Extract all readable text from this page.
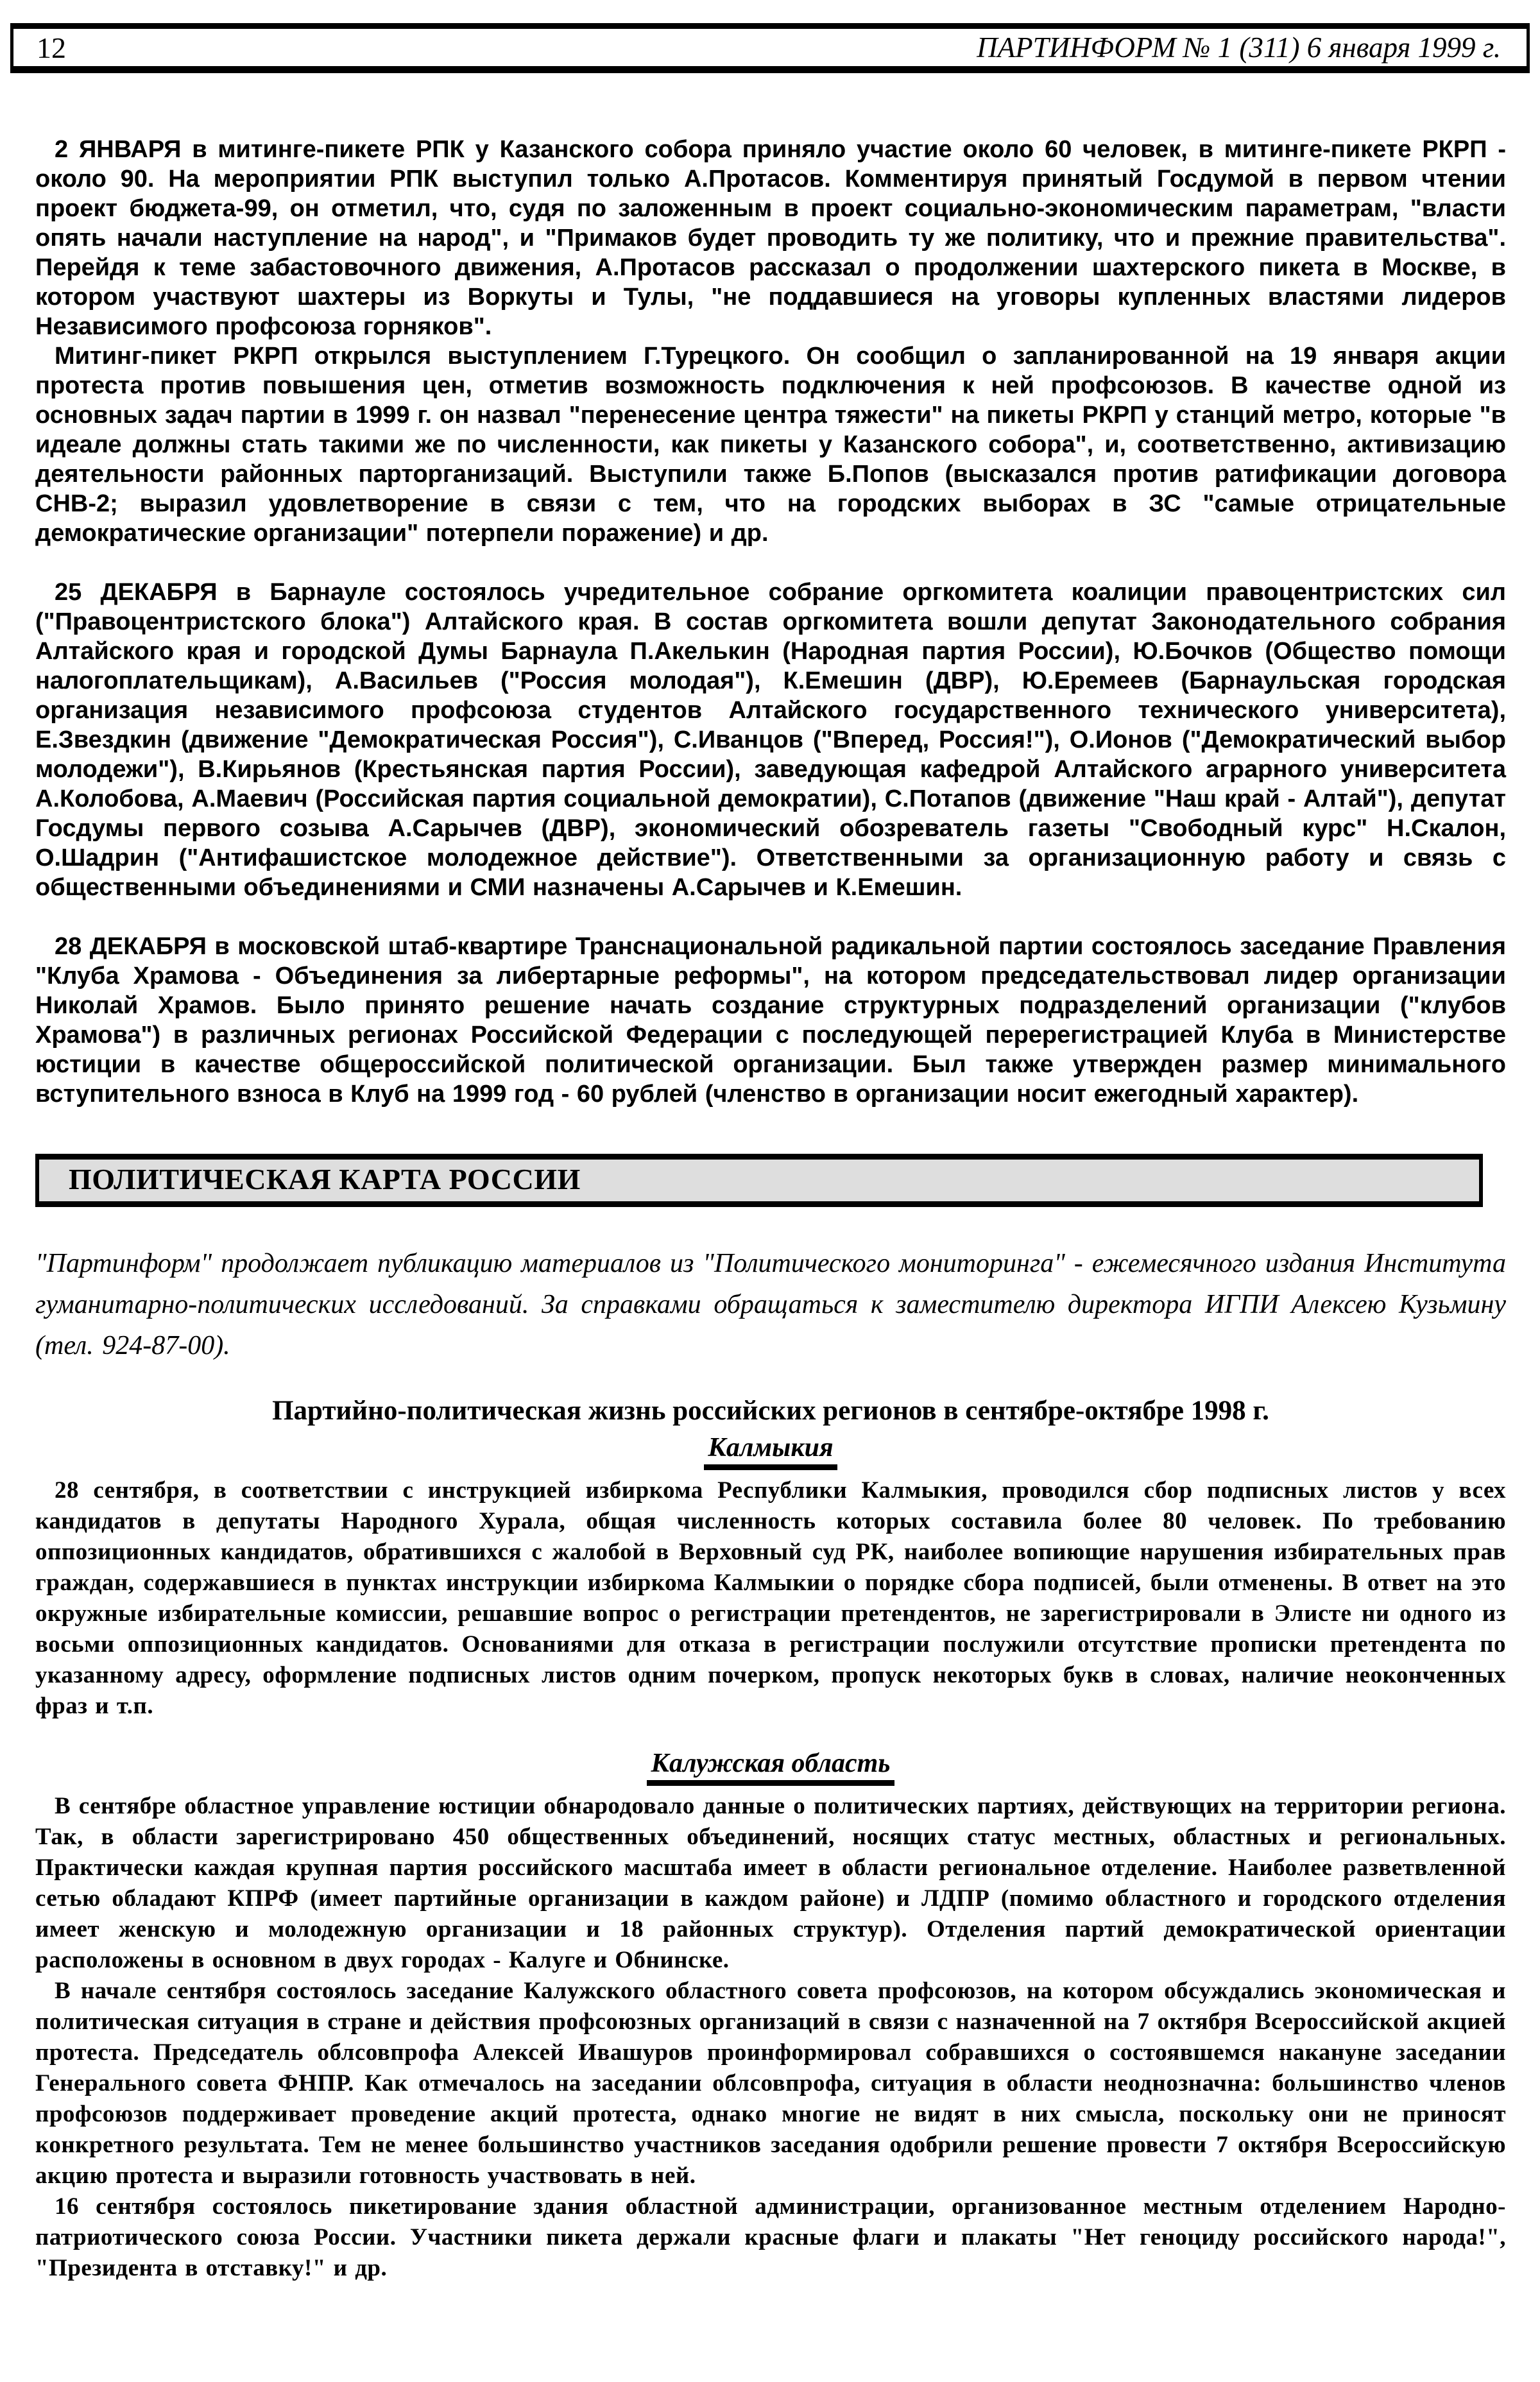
12	ПАРТИНФОРМ № 1 (311) 6 января 1999 г.

2 ЯНВАРЯ в митинге-пикете РПК у Казанского собора приняло участие около 60 человек, в митинге-пикете РКРП - около 90. На мероприятии РПК выступил только А.Протасов. Комментируя принятый Госдумой в первом чтении проект бюджета-99, он отметил, что, судя по заложенным в проект социально-экономическим параметрам, "власти опять начали наступление на народ", и "Примаков будет проводить ту же политику, что и прежние правительства". Перейдя к теме забастовочного движения, А.Протасов рассказал о продолжении шахтерского пикета в Москве, в котором участвуют шахтеры из Воркуты и Тулы, "не поддавшиеся на уговоры купленных властями лидеров Независимого профсоюза горняков".

Митинг-пикет РКРП открылся выступлением Г.Турецкого. Он сообщил о запланированной на 19 января акции протеста против повышения цен, отметив возможность подключения к ней профсоюзов. В качестве одной из основных задач партии в 1999 г. он назвал "перенесение центра тяжести" на пикеты РКРП у станций метро, которые "в идеале должны стать такими же по численности, как пикеты у Казанского собора", и, соответственно, активизацию деятельности районных парторганизаций. Выступили также Б.Попов (высказался против ратификации договора СНВ-2; выразил удовлетворение в связи с тем, что на городских выборах в ЗС "самые отрицательные демократические организации" потерпели поражение) и др.

25 ДЕКАБРЯ в Барнауле состоялось учредительное собрание оргкомитета коалиции правоцентристских сил ("Правоцентристского блока") Алтайского края. В состав оргкомитета вошли депутат Законодательного собрания Алтайского края и городской Думы Барнаула П.Акелькин (Народная партия России), Ю.Бочков (Общество помощи налогоплательщикам), А.Васильев ("Россия молодая"), К.Емешин (ДВР), Ю.Еремеев (Барнаульская городская организация независимого профсоюза студентов Алтайского государственного технического университета), Е.Звездкин (движение "Демократическая Россия"), С.Иванцов ("Вперед, Россия!"), О.Ионов ("Демократический выбор молодежи"), В.Кирьянов (Крестьянская партия России), заведующая кафедрой Алтайского аграрного университета А.Колобова, А.Маевич (Российская партия социальной демократии), С.Потапов (движение "Наш край - Алтай"), депутат Госдумы первого созыва А.Сарычев (ДВР), экономический обозреватель газеты "Свободный курс" Н.Скалон, О.Шадрин ("Антифашистское молодежное действие"). Ответственными за организационную работу и связь с общественными объединениями и СМИ назначены А.Сарычев и К.Емешин.

28 ДЕКАБРЯ в московской штаб-квартире Транснациональной радикальной партии состоялось заседание Правления "Клуба Храмова - Объединения за либертарные реформы", на котором председательствовал лидер организации Николай Храмов. Было принято решение начать создание структурных подразделений организации ("клубов Храмова") в различных регионах Российской Федерации с последующей перерегистрацией Клуба в Министерстве юстиции в качестве общероссийской политической организации. Был также утвержден размер минимального вступительного взноса в Клуб на 1999 год - 60 рублей (членство в организации носит ежегодный характер).

ПОЛИТИЧЕСКАЯ КАРТА РОССИИ

"Партинформ" продолжает публикацию материалов из "Политического мониторинга" - ежемесячного издания Института гуманитарно-политических исследований. За справками обращаться к заместителю директора ИГПИ Алексею Кузьмину (тел. 924-87-00).

Партийно-политическая жизнь российских регионов в сентябре-октябре 1998 г.
Калмыкия

28 сентября, в соответствии с инструкцией избиркома Республики Калмыкия, проводился сбор подписных листов у всех кандидатов в депутаты Народного Хурала, общая численность которых составила более 80 человек. По требованию оппозиционных кандидатов, обратившихся с жалобой в Верховный суд РК, наиболее вопиющие нарушения избирательных прав граждан, содержавшиеся в пунктах инструкции избиркома Калмыкии о порядке сбора подписей, были отменены. В ответ на это окружные избирательные комиссии, решавшие вопрос о регистрации претендентов, не зарегистрировали в Элисте ни одного из восьми оппозиционных кандидатов. Основаниями для отказа в регистрации послужили отсутствие прописки претендента по указанному адресу, оформление подписных листов одним почерком, пропуск некоторых букв в словах, наличие неоконченных фраз и т.п.

Калужская область

В сентябре областное управление юстиции обнародовало данные о политических партиях, действующих на территории региона. Так, в области зарегистрировано 450 общественных объединений, носящих статус местных, областных и региональных. Практически каждая крупная партия российского масштаба имеет в области региональное отделение. Наиболее разветвленной сетью обладают КПРФ (имеет партийные организации в каждом районе) и ЛДПР (помимо областного и городского отделения имеет женскую и молодежную организации и 18 районных структур). Отделения партий демократической ориентации расположены в основном в двух городах - Калуге и Обнинске.

В начале сентября состоялось заседание Калужского областного совета профсоюзов, на котором обсуждались экономическая и политическая ситуация в стране и действия профсоюзных организаций в связи с назначенной на 7 октября Всероссийской акцией протеста. Председатель облсовпрофа Алексей Ивашуров проинформировал собравшихся о состоявшемся накануне заседании Генерального совета ФНПР. Как отмечалось на заседании облсовпрофа, ситуация в области неоднозначна: большинство членов профсоюзов поддерживает проведение акций протеста, однако многие не видят в них смысла, поскольку они не приносят конкретного результата. Тем не менее большинство участников заседания одобрили решение провести 7 октября Всероссийскую акцию протеста и выразили готовность участвовать в ней.

16 сентября состоялось пикетирование здания областной администрации, организованное местным отделением Народно-патриотического союза России. Участники пикета держали красные флаги и плакаты "Нет геноциду российского народа!", "Президента в отставку!" и др.
